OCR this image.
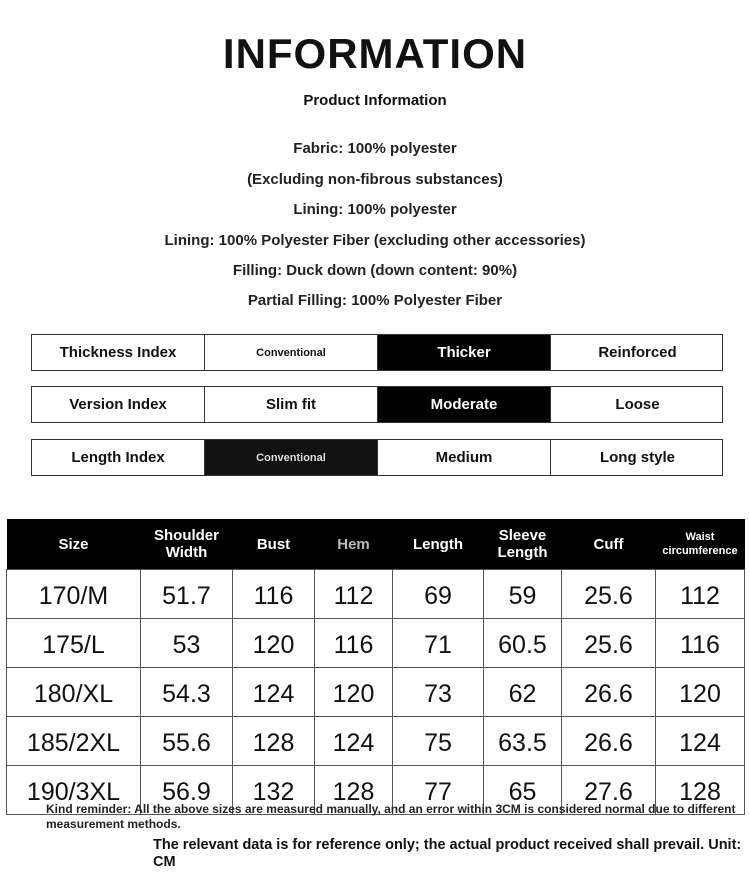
INFORMATION
Product Information
Fabric: 100% polyester
(Excluding non-fibrous substances)
Lining: 100% polyester
Lining: 100% Polyester Fiber (excluding other accessories)
Filling: Duck down (down content: 90%)
Partial Filling: 100% Polyester Fiber
Thickness Index	Conventional	Thicker	Reinforced
Version Index	Slim fit	Moderate	Loose
Length Index	Conventional	Medium	Long style
Size	Shoulder Width	Bust	Hem	Length	Sleeve Length	Cuff	Waist circumference
170/M	51.7	116	112	69	59	25.6	112
175/L	53	120	116	71	60.5	25.6	116
180/XL	54.3	124	120	73	62	26.6	120
185/2XL	55.6	128	124	75	63.5	26.6	124
190/3XL	56.9	132	128	77	65	27.6	128
Kind reminder: All the above sizes are measured manually, and an error within 3CM is considered normal due to different measurement methods.
The relevant data is for reference only; the actual product received shall prevail. Unit: CM
